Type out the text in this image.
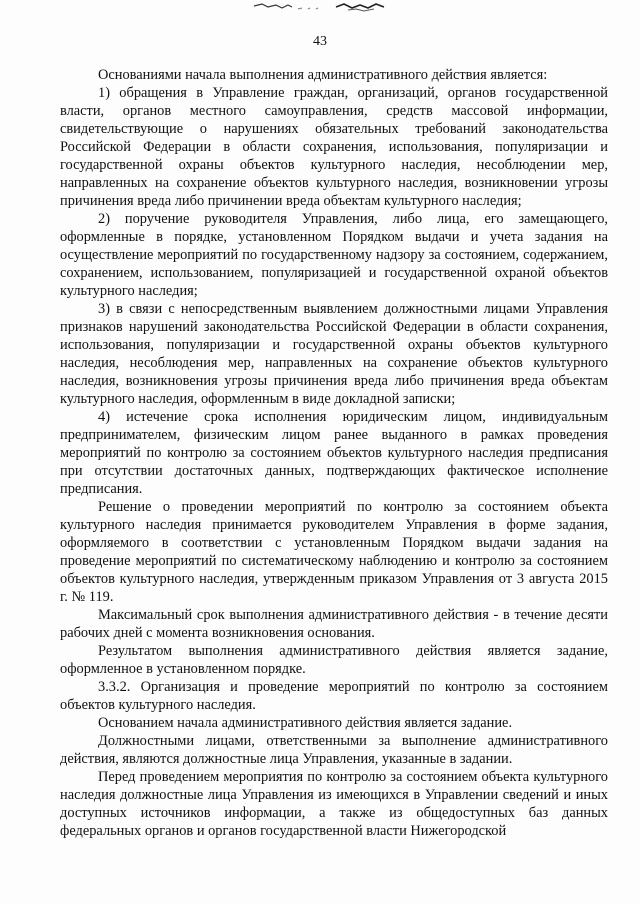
43

Основаниями начала выполнения административного действия является:

1) обращения в Управление граждан, организаций, органов государственной власти, органов местного самоуправления, средств массовой информации, свидетельствующие о нарушениях обязательных требований законодательства Российской Федерации в области сохранения, использования, популяризации и государственной охраны объектов культурного наследия, несоблюдении мер, направленных на сохранение объектов культурного наследия, возникновении угрозы причинения вреда либо причинении вреда объектам культурного наследия;

2) поручение руководителя Управления, либо лица, его замещающего, оформленные в порядке, установленном Порядком выдачи и учета задания на осуществление мероприятий по государственному надзору за состоянием, содержанием, сохранением, использованием, популяризацией и государственной охраной объектов культурного наследия;

3) в связи с непосредственным выявлением должностными лицами Управления признаков нарушений законодательства Российской Федерации в области сохранения, использования, популяризации и государственной охраны объектов культурного наследия, несоблюдения мер, направленных на сохранение объектов культурного наследия, возникновения угрозы причинения вреда либо причинения вреда объектам культурного наследия, оформленным в виде докладной записки;

4) истечение срока исполнения юридическим лицом, индивидуальным предпринимателем, физическим лицом ранее выданного в рамках проведения мероприятий по контролю за состоянием объектов культурного наследия предписания при отсутствии достаточных данных, подтверждающих фактическое исполнение предписания.

Решение о проведении мероприятий по контролю за состоянием объекта культурного наследия принимается руководителем Управления в форме задания, оформляемого в соответствии с установленным Порядком выдачи задания на проведение мероприятий по систематическому наблюдению и контролю за состоянием объектов культурного наследия, утвержденным приказом Управления от 3 августа 2015 г. № 119.

Максимальный срок выполнения административного действия - в течение десяти рабочих дней с момента возникновения основания.

Результатом выполнения административного действия является задание, оформленное в установленном порядке.

3.3.2. Организация и проведение мероприятий по контролю за состоянием объектов культурного наследия.

Основанием начала административного действия является задание.

Должностными лицами, ответственными за выполнение административного действия, являются должностные лица Управления, указанные в задании.

Перед проведением мероприятия по контролю за состоянием объекта культурного наследия должностные лица Управления из имеющихся в Управлении сведений и иных доступных источников информации, а также из общедоступных баз данных федеральных органов и органов государственной власти Нижегородской
